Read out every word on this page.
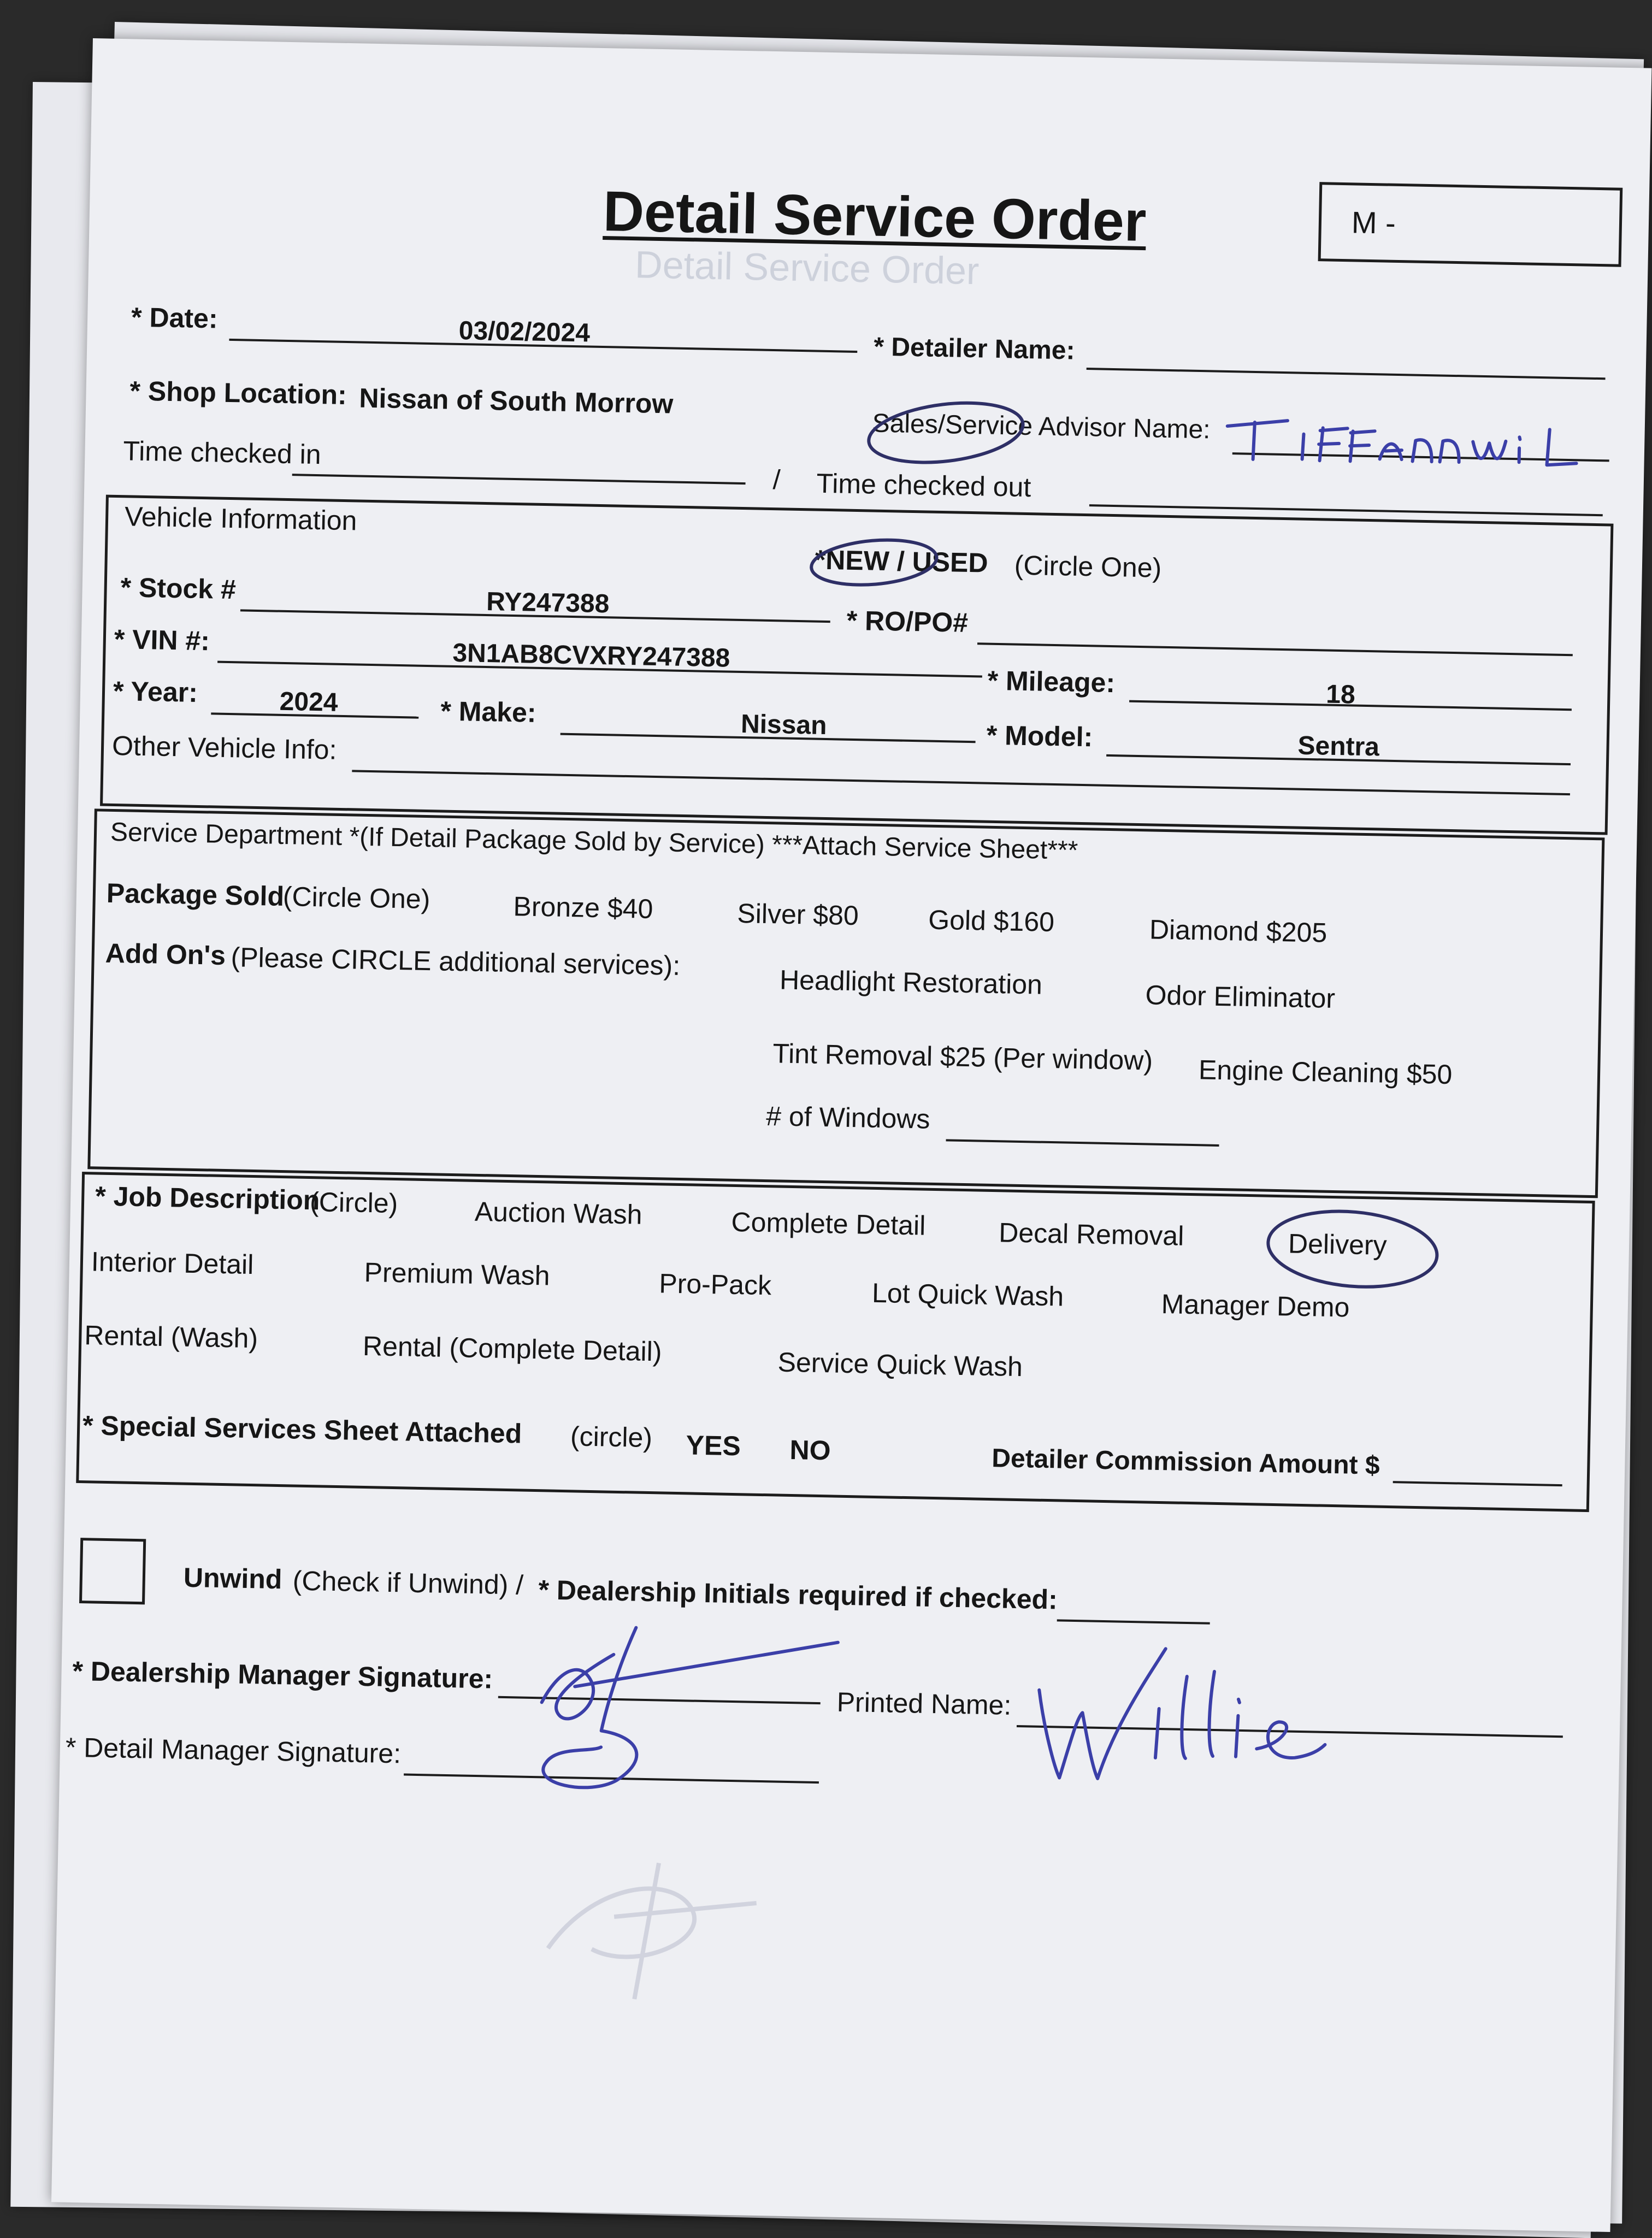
Detail Service Order
Detail Service Order	M -
* Date:	03/02/2024
* Detailer Name:
* Shop Location: Nissan of South Morrow
Sales/Service Advisor Name:
Time checked in
/ Time checked out
Vehicle Information
*NEW / USED (Circle One)
* Stock #	RY247388
* RO/PO#
* VIN #:	3N1AB8CVXRY247388
* Mileage:	18
* Year:	2024	* Make:	Nissan	* Model:	Sentra
Other Vehicle Info:
Service Department *(If Detail Package Sold by Service) ***Attach Service Sheet***
Package Sold
(Circle One)	Bronze $40	Silver $80	Gold $160	Diamond $205
Add On's (Please CIRCLE additional services):
Headlight Restoration	Odor Eliminator
Tint Removal $25 (Per window) Engine Cleaning $50
# of Windows
* Job Description
(Circle)	Auction Wash	Complete Detail	Decal Removal	Delivery
Interior Detail	Premium Wash	Pro-Pack	Lot Quick Wash	Manager Demo
Rental (Wash)	Rental (Complete Detail)	Service Quick Wash
* Special Services Sheet Attached (circle) YES NO	Detailer Commission Amount $
Unwind (Check if Unwind) / * Dealership Initials required if checked:
* Dealership Manager Signature:
Printed Name:
* Detail Manager Signature:
